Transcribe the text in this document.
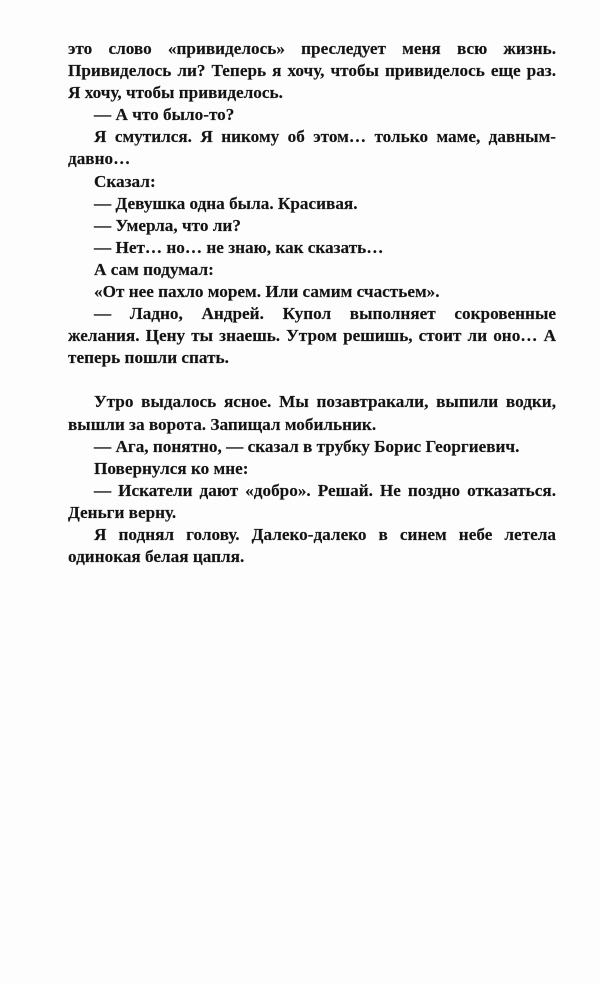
это слово «привиделось» преследует меня всю жизнь. Привиделось ли? Теперь я хочу, чтобы привиделось еще раз. Я хочу, чтобы привиделось.

— А что было-то?

Я смутился. Я никому об этом… только маме, давным-давно…

Сказал:

— Девушка одна была. Красивая.

— Умерла, что ли?

— Нет… но… не знаю, как сказать…

А сам подумал:

«От нее пахло морем. Или самим счастьем».

— Ладно, Андрей. Купол выполняет сокровенные желания. Цену ты знаешь. Утром решишь, стоит ли оно… А теперь пошли спать.

Утро выдалось ясное. Мы позавтракали, выпили водки, вышли за ворота. Запищал мобильник.

— Ага, понятно, — сказал в трубку Борис Георгиевич.

Повернулся ко мне:

— Искатели дают «добро». Решай. Не поздно отказаться. Деньги верну.

Я поднял голову. Далеко-далеко в синем небе летела одинокая белая цапля.
